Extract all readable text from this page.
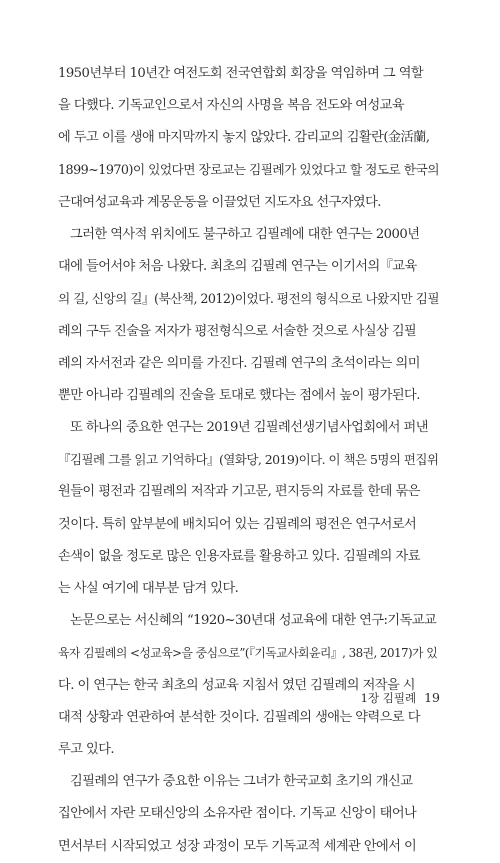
1950년부터 10년간 여전도회 전국연합회 회장을 역임하며 그 역할
을 다했다. 기독교인으로서 자신의 사명을 복음 전도와 여성교육
에 두고 이를 생애 마지막까지 놓지 않았다. 감리교의 김활란(金活蘭,
1899~1970)이 있었다면 장로교는 김필례가 있었다고 할 정도로 한국의
근대여성교육과 계몽운동을 이끌었던 지도자요 선구자였다.
그러한 역사적 위치에도 불구하고 김필례에 대한 연구는 2000년
대에 들어서야 처음 나왔다. 최초의 김필례 연구는 이기서의『교육
의 길, 신앙의 길』(북산책, 2012)이었다. 평전의 형식으로 나왔지만 김필
례의 구두 진술을 저자가 평전형식으로 서술한 것으로 사실상 김필
례의 자서전과 같은 의미를 가진다. 김필례 연구의 초석이라는 의미
뿐만 아니라 김필례의 진술을 토대로 했다는 점에서 높이 평가된다.
또 하나의 중요한 연구는 2019년 김필례선생기념사업회에서 퍼낸
『김필례 그를 읽고 기억하다』(열화당, 2019)이다. 이 책은 5명의 편집위
원들이 평전과 김필례의 저작과 기고문, 편지등의 자료를 한데 묶은
것이다. 특히 앞부분에 배치되어 있는 김필례의 평전은 연구서로서
손색이 없을 정도로 많은 인용자료를 활용하고 있다. 김필례의 자료
는 사실 여기에 대부분 담겨 있다.
논문으로는 서신혜의 “1920~30년대 성교육에 대한 연구:기독교교
육자 김필례의 <성교육>을 중심으로”(『기독교사회윤리』, 38권, 2017)가 있
다. 이 연구는 한국 최초의 성교육 지침서 였던 김필례의 저작을 시
대적 상황과 연관하여 분석한 것이다. 김필례의 생애는 약력으로 다
루고 있다.
김필례의 연구가 중요한 이유는 그녀가 한국교회 초기의 개신교
집안에서 자란 모태신앙의 소유자란 점이다. 기독교 신앙이 태어나
면서부터 시작되었고 성장 과정이 모두 기독교적 세계관 안에서 이
1장 김필례 19
